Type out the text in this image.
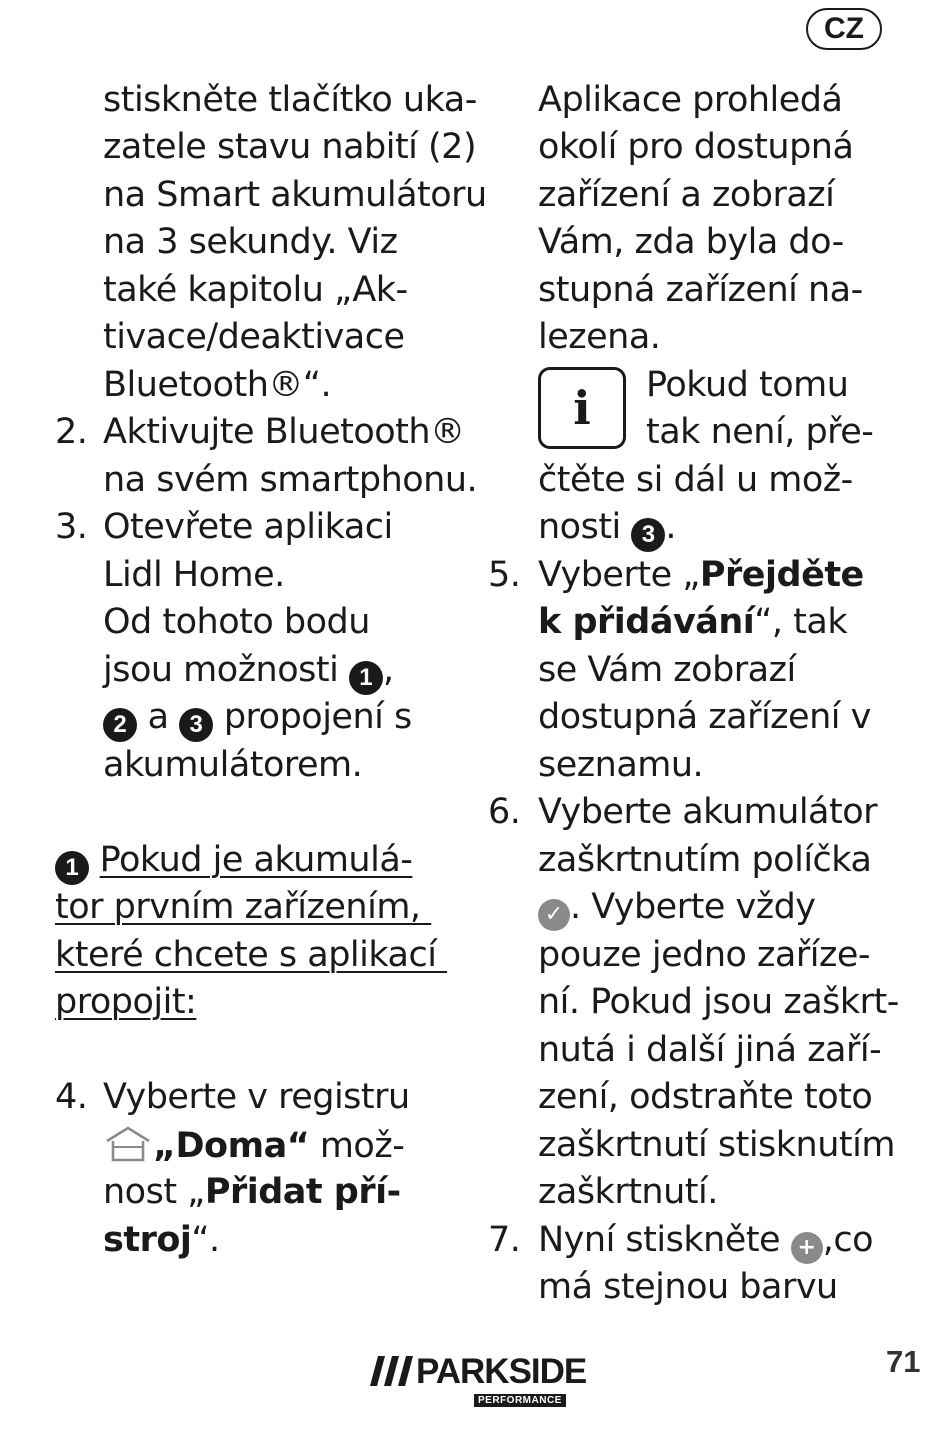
CZ
stiskněte tlačítko uka-
zatele stavu nabití (2)
na Smart akumulátoru
na 3 sekundy. Viz
také kapitolu „Ak-
tivace/deaktivace
Bluetooth®“.
2. Aktivujte Bluetooth®
na svém smartphonu.
3. Otevřete aplikaci
Lidl Home.
Od tohoto bodu
jsou možnosti 1 ,
2 a 3 propojení s
akumulátorem.
1 Pokud je akumulá-
tor prvním zařízením,
které chcete s aplikací
propojit:
4. Vyberte v registru
„Doma“ mož-
nost „Přidat pří-
stroj“.
Aplikace prohledá
okolí pro dostupná
zařízení a zobrazí
Vám, zda byla do-
stupná zařízení na-
lezena.
Pokud tomu
tak není, pře-
čtěte si dál u mož-
nosti 3 .
5. Vyberte „Přejděte
k přidávání“, tak
se Vám zobrazí
dostupná zařízení v
seznamu.
6. Vyberte akumulátor
zaškrtnutím políčka
✓ . Vyberte vždy
pouze jedno zaříze-
ní. Pokud jsou zaškrt-
nutá i další jiná zaří-
zení, odstraňte toto
zaškrtnutí stisknutím
zaškrtnutí.
7. Nyní stiskněte + ,co
má stejnou barvu
i
PARKSIDE
PERFORMANCE
71
